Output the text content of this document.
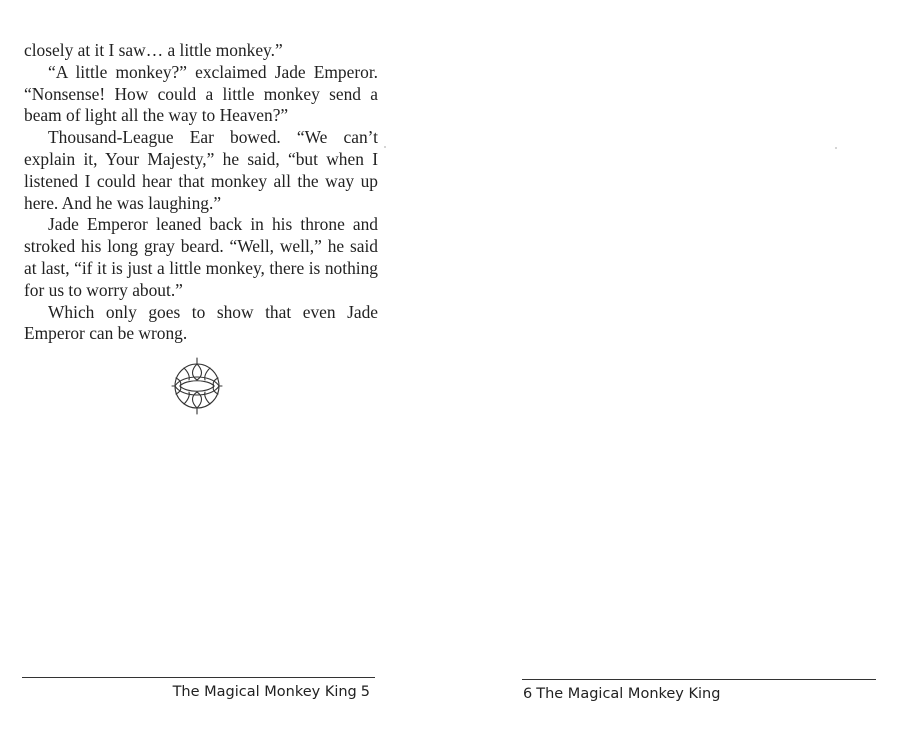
closely at it I saw… a little monkey.”

“A little monkey?” exclaimed Jade Emperor. “Nonsense! How could a little monkey send a beam of light all the way to Heaven?”

Thousand-League Ear bowed. “We can’t explain it, Your Majesty,” he said, “but when I listened I could hear that monkey all the way up here. And he was laughing.”

Jade Emperor leaned back in his throne and stroked his long gray beard. “Well, well,” he said at last, “if it is just a little monkey, there is nothing for us to worry about.”

Which only goes to show that even Jade Emperor can be wrong.

The Magical Monkey King 5	6 The Magical Monkey King
